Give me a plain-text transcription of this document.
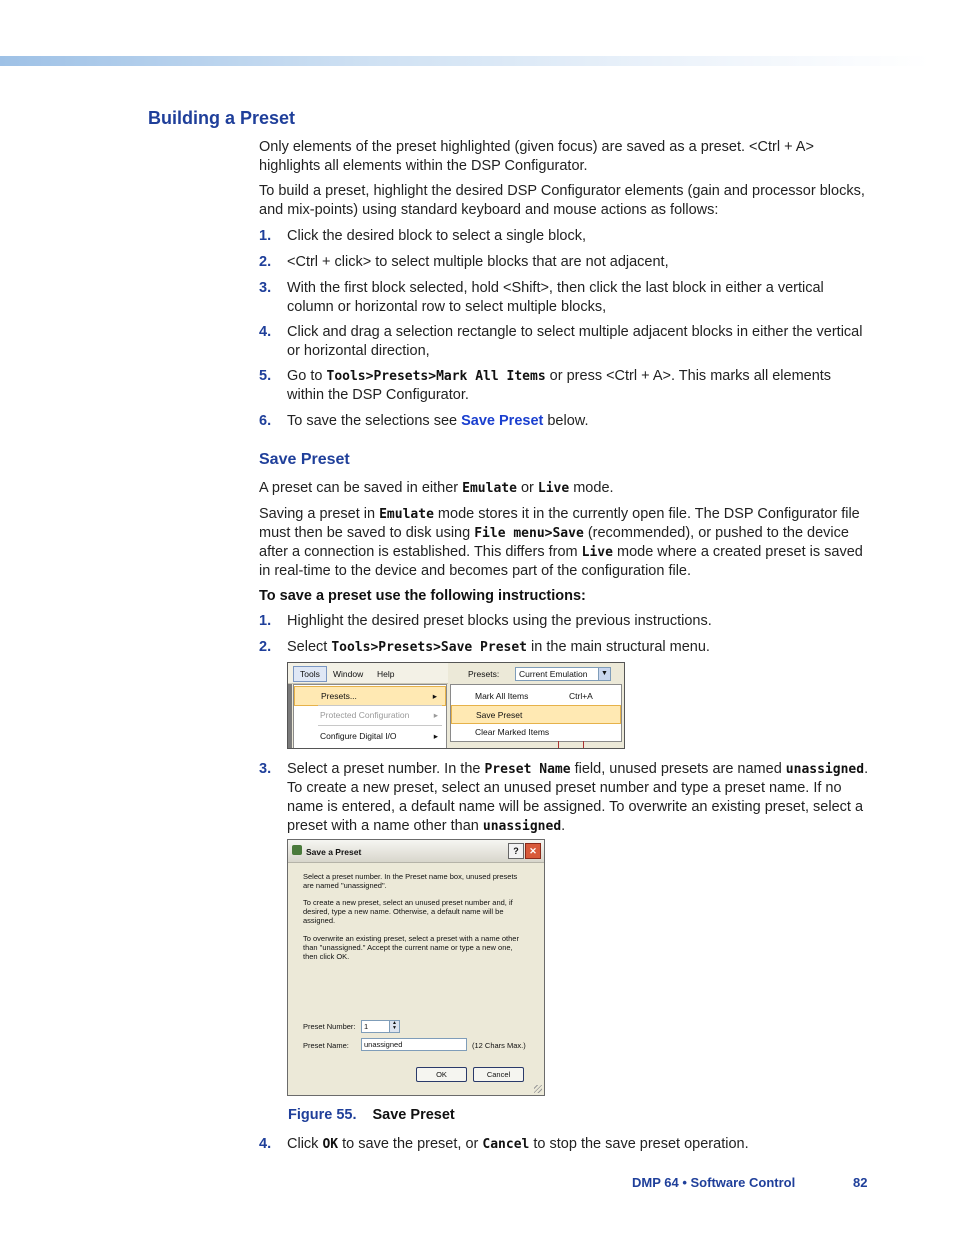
Building a Preset

Only elements of the preset highlighted (given focus) are saved as a preset. <Ctrl + A> highlights all elements within the DSP Configurator.

To build a preset, highlight the desired DSP Configurator elements (gain and processor blocks, and mix-points) using standard keyboard and mouse actions as follows:

1. Click the desired block to select a single block,
2. <Ctrl + click> to select multiple blocks that are not adjacent,
3. With the first block selected, hold <Shift>, then click the last block in either a vertical column or horizontal row to select multiple blocks,
4. Click and drag a selection rectangle to select multiple adjacent blocks in either the vertical or horizontal direction,
5. Go to Tools>Presets>Mark All Items or press <Ctrl + A>. This marks all elements within the DSP Configurator.
6. To save the selections see Save Preset below.
Save Preset

A preset can be saved in either Emulate or Live mode.

Saving a preset in Emulate mode stores it in the currently open file. The DSP Configurator file must then be saved to disk using File menu>Save (recommended), or pushed to the device after a connection is established. This differs from Live mode where a created preset is saved in real-time to the device and becomes part of the configuration file.

To save a preset use the following instructions:

1. Highlight the desired preset blocks using the previous instructions.
2. Select Tools>Presets>Save Preset in the main structural menu.
Tools	Window Help
Presets...	▸
Protected Configuration	▸
Configure Digital I/O	▸
Presets: Current Emulation	▼
Mark All Items	Ctrl+A
Save Preset
Clear Marked Items
3. Select a preset number. In the Preset Name field, unused presets are named unassigned. To create a new preset, select an unused preset number and type a preset name. If no name is entered, a default name will be assigned. To overwrite an existing preset, select a preset with a name other than unassigned.
Save a Preset	?	✕

Select a preset number. In the Preset name box, unused presets are named "unassigned".

To create a new preset, select an unused preset number and, if desired, type a new name. Otherwise, a default name will be assigned.

To overwrite an existing preset, select a preset with a name other than "unassigned." Accept the current name or type a new one, then click OK.

Preset Number: 1	▲
▼
Preset Name: unassigned	(12 Chars Max.)
OK	Cancel
Figure 55. Save Preset
4. Click OK to save the preset, or Cancel to stop the save preset operation.
DMP 64 • Software Control	82
